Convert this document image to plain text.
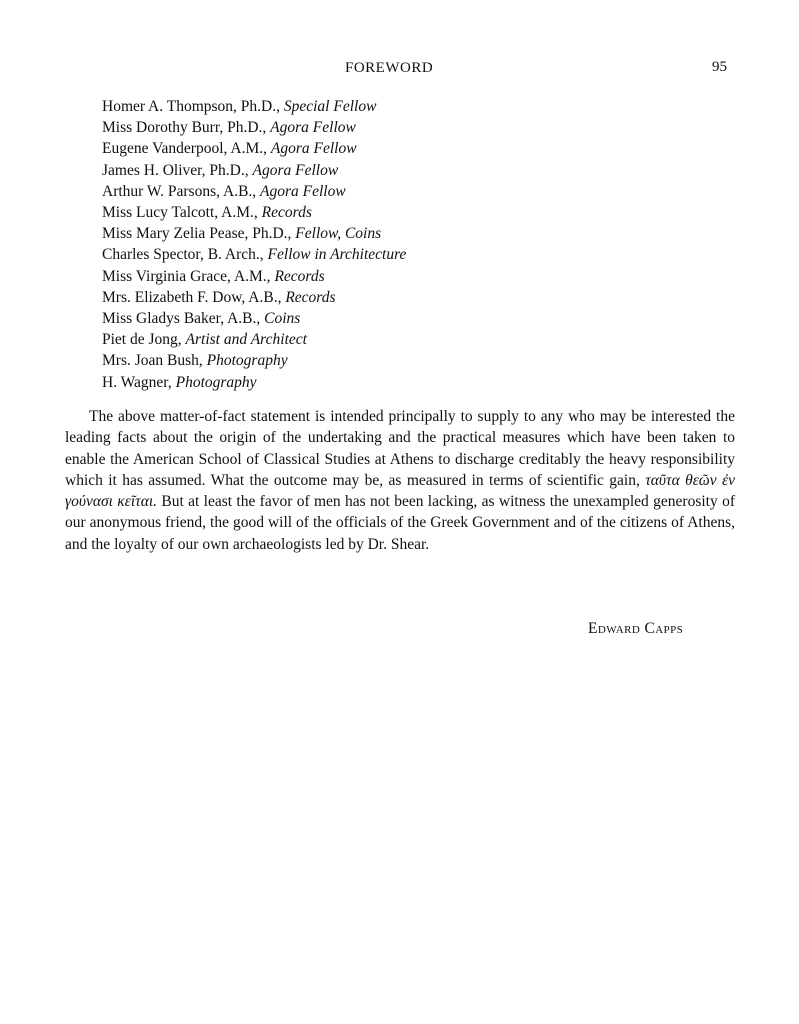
FOREWORD	95
Homer A. Thompson, Ph.D., Special Fellow
Miss Dorothy Burr, Ph.D., Agora Fellow
Eugene Vanderpool, A.M., Agora Fellow
James H. Oliver, Ph.D., Agora Fellow
Arthur W. Parsons, A.B., Agora Fellow
Miss Lucy Talcott, A.M., Records
Miss Mary Zelia Pease, Ph.D., Fellow, Coins
Charles Spector, B. Arch., Fellow in Architecture
Miss Virginia Grace, A.M., Records
Mrs. Elizabeth F. Dow, A.B., Records
Miss Gladys Baker, A.B., Coins
Piet de Jong, Artist and Architect
Mrs. Joan Bush, Photography
H. Wagner, Photography

The above matter-of-fact statement is intended principally to supply to any who may be interested the leading facts about the origin of the undertaking and the practical measures which have been taken to enable the American School of Classical Studies at Athens to discharge creditably the heavy responsibility which it has assumed. What the outcome may be, as measured in terms of scientific gain, ταῦτα θεῶν ἐν γούνασι κεῖται. But at least the favor of men has not been lacking, as witness the unexampled generosity of our anonymous friend, the good will of the officials of the Greek Government and of the citizens of Athens, and the loyalty of our own archaeologists led by Dr. Shear.

Edward Capps
